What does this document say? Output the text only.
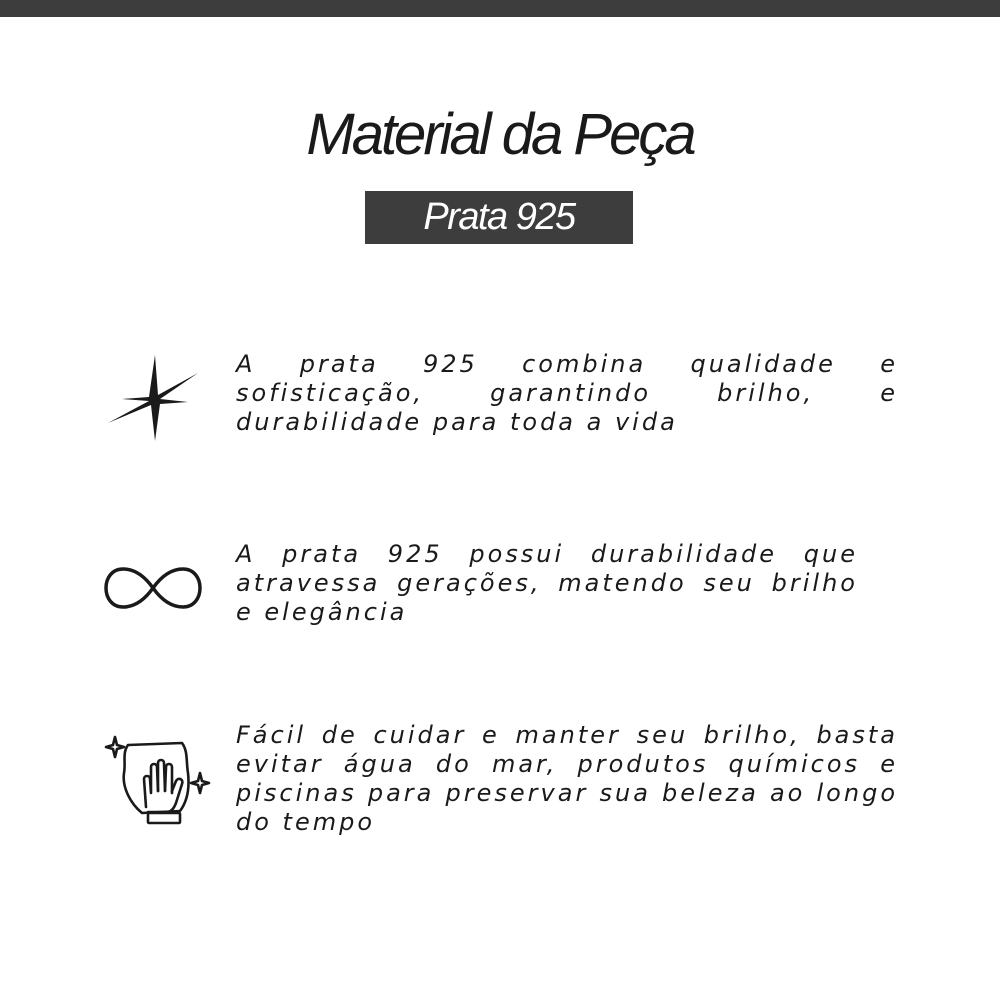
Material da Peça
Prata 925
A prata 925 combina qualidade e sofisticação, garantindo brilho, e durabilidade para toda a vida
A prata 925 possui durabilidade que atravessa gerações, matendo seu brilho e elegância
Fácil de cuidar e manter seu brilho, basta evitar água do mar, produtos químicos e piscinas para preservar sua beleza ao longo do tempo
